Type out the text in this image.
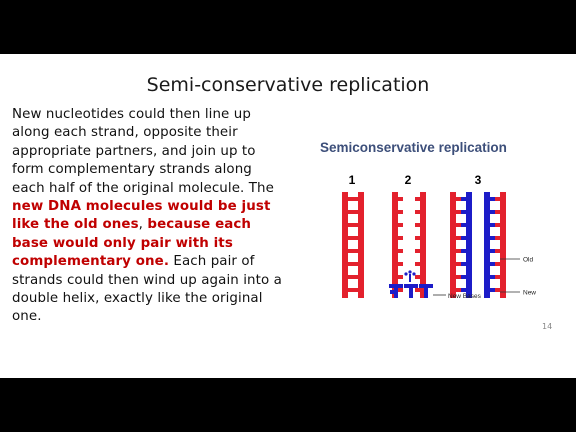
Semi-conservative replication
New nucleotides could then line up along each strand, opposite their appropriate partners, and join up to form complementary strands along each half of the original molecule. The new DNA molecules would be just like the old ones, because each base would only pair with its complementary one. Each pair of strands could then wind up again into a double helix, exactly like the original one.
Semiconservative replication
1	2	3
New Bases
Old
New
14
